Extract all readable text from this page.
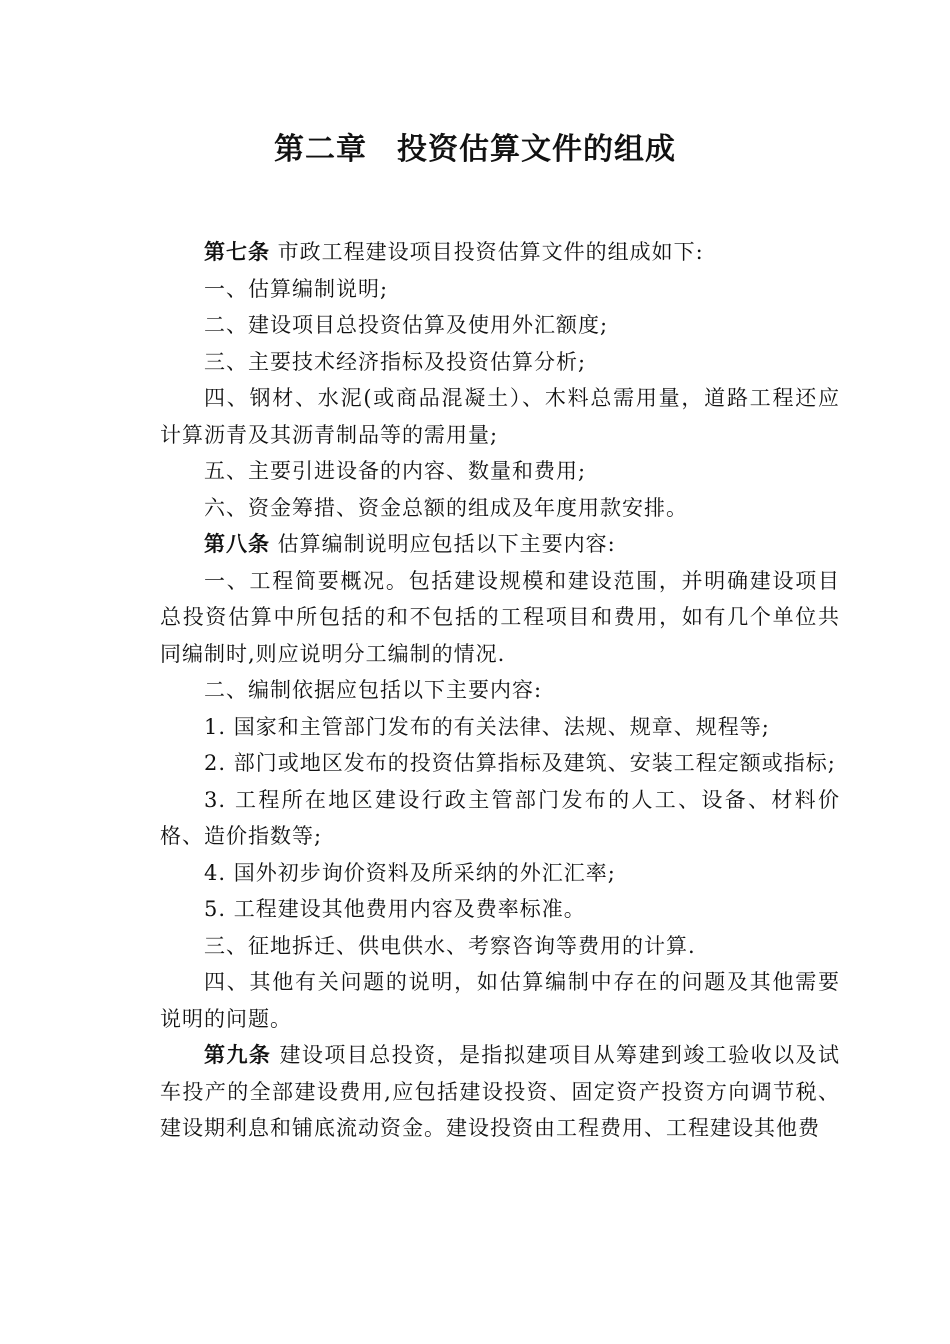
第二章 投资估算文件的组成

第七条 市政工程建设项目投资估算文件的组成如下:

一、估算编制说明;

二、建设项目总投资估算及使用外汇额度;

三、主要技术经济指标及投资估算分析;

四、钢材、水泥(或商品混凝土）、木料总需用量，道路工程还应计算沥青及其沥青制品等的需用量;

五、主要引进设备的内容、数量和费用;

六、资金筹措、资金总额的组成及年度用款安排。

第八条 估算编制说明应包括以下主要内容:

一、工程简要概况。包括建设规模和建设范围，并明确建设项目总投资估算中所包括的和不包括的工程项目和费用，如有几个单位共同编制时,则应说明分工编制的情况.

二、编制依据应包括以下主要内容:

1. 国家和主管部门发布的有关法律、法规、规章、规程等;

2. 部门或地区发布的投资估算指标及建筑、安装工程定额或指标;

3. 工程所在地区建设行政主管部门发布的人工、设备、材料价格、造价指数等;

4. 国外初步询价资料及所采纳的外汇汇率;

5. 工程建设其他费用内容及费率标准。

三、征地拆迁、供电供水、考察咨询等费用的计算.

四、其他有关问题的说明，如估算编制中存在的问题及其他需要说明的问题。

第九条 建设项目总投资，是指拟建项目从筹建到竣工验收以及试车投产的全部建设费用,应包括建设投资、固定资产投资方向调节税、建设期利息和铺底流动资金。建设投资由工程费用、工程建设其他费
